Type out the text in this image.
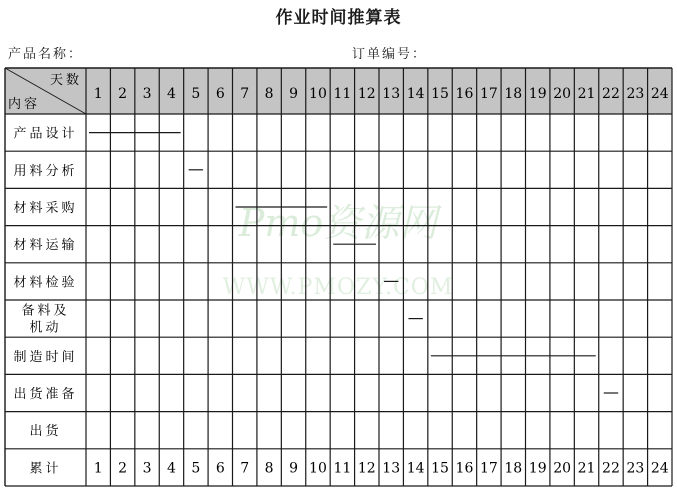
作业时间推算表
产品名称：	订单编号：
Pmo资源网
WWW.PMOZY.COM
天数
内容
1 2 3 4 5 6 7 8 9 10 11 12 13 14 15 16 17 18 19 20 21 22 23 24
产品设计
用料分析
材料采购
材料运输
材料检验
备料及
机动
制造时间
出货准备
出货
累计 1 2 3 4 5 6 7 8 9 10 11 12 13 14 15 16 17 18 19 20 21 22 23 24
